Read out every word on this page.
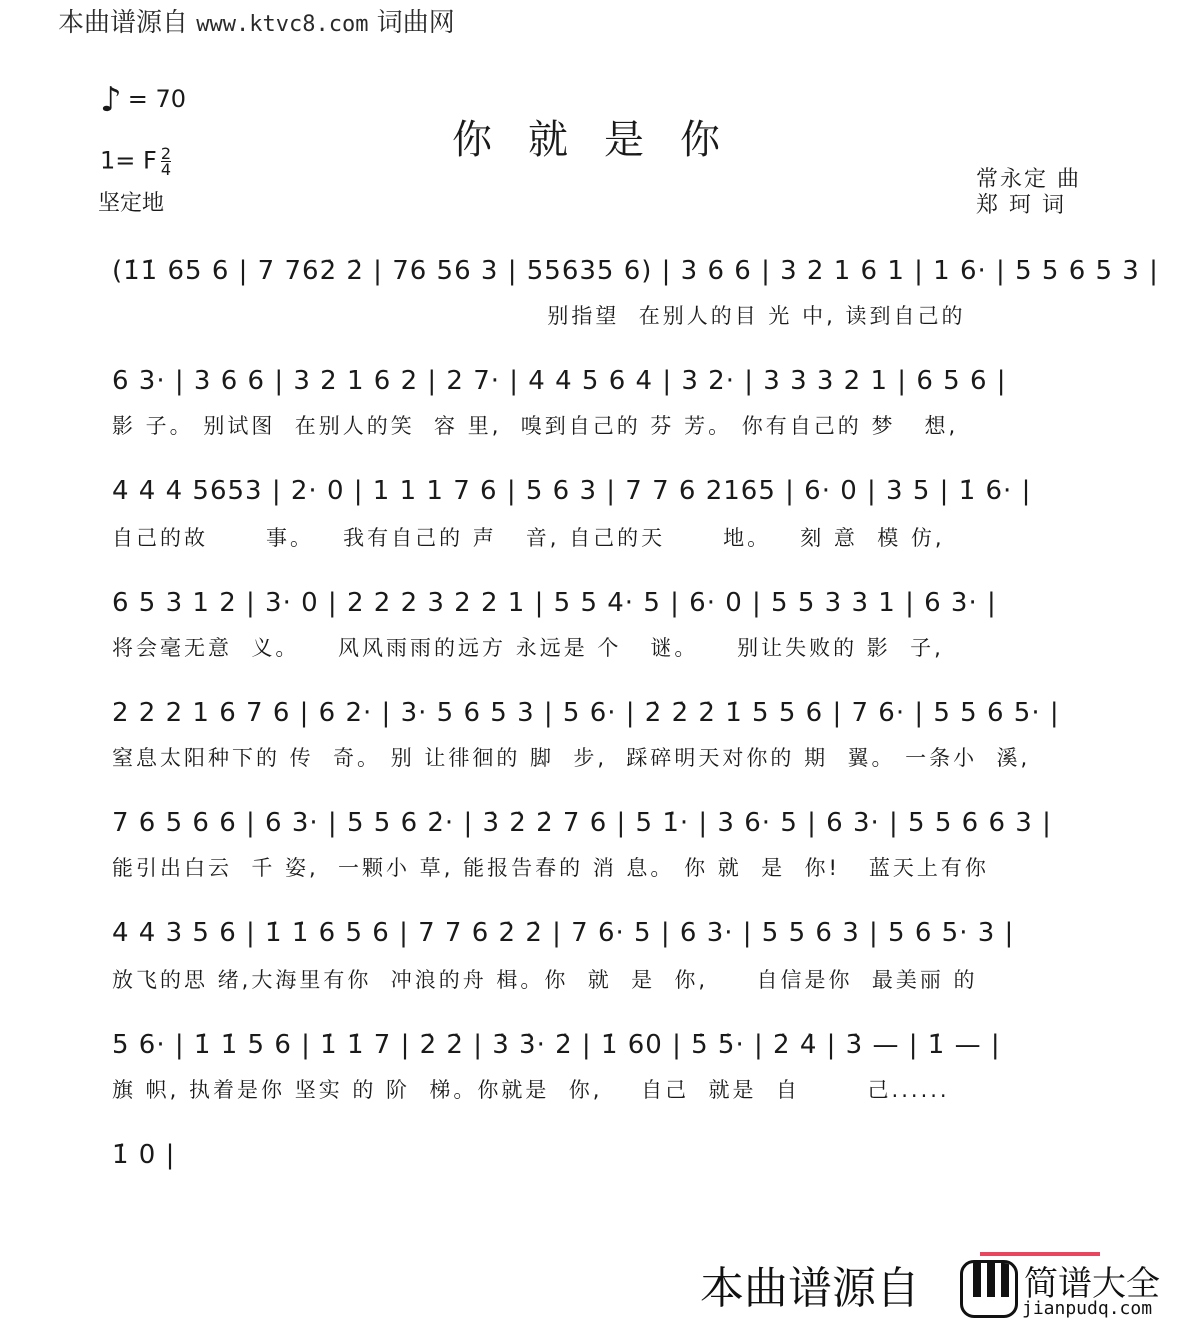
本曲谱源自 www.ktvc8.com 词曲网
♪ = 70
你就是你
1= F $\frac{2}{4}$
坚定地
常永定 曲
郑 珂 词
(1̇1̇ 65 6 | 7 762̇ 2̇ | 76 56 3 | 55635 6) | 3 6 6 | 3 2 1 6 1 | 1 6· | 5 5 6 5 3 |
别指望  在别人的目 光 中, 读到自己的
6 3· | 3 6 6 | 3 2 1 6 2 | 2 7· | 4 4 5 6 4 | 3 2· | 3 3 3 2 1 | 6 5 6 |
影 子。 别试图  在别人的笑  容 里,  嗅到自己的 芬 芳。 你有自己的 梦   想,
4 4 4 5653 | 2· 0 | 1 1 1 7 6 | 5 6 3 | 7 7 6 2165 | 6· 0 | 3 5 | 1̇ 6· |
自己的故      事。   我有自己的 声   音, 自己的天      地。   刻 意  模 仿,
6 5 3 1 2 | 3· 0 | 2 2 2 3 2 2 1 | 5 5 4· 5 | 6· 0 | 5 5 3 3 1 | 6 3· |
将会毫无意  义。    风风雨雨的远方 永远是 个   谜。    别让失败的 影  子,
2 2 2 1 6 7 6 | 6 2· | 3· 5 6 5 3 | 5 6· | 2̇ 2̇ 2̇ 1̇ 5 5 6 | 7 6· | 5 5 6 5· |
窒息太阳种下的 传  奇。 别 让徘徊的 脚  步,  踩碎明天对你的 期  翼。 一条小  溪,
7 6 5 6 6 | 6 3· | 5 5 6 2̇· | 3̇ 2̇ 2̇ 7 6 | 5 1̇· | 3 6· 5 | 6 3· | 5 5 6 6 3 |
能引出白云  千 姿,  一颗小 草, 能报告春的 消 息。 你 就  是  你!   蓝天上有你
4 4 3 5 6 | 1̇ 1̇ 6 5 6 | 7 7 6 2̇ 2̇ | 7 6· 5 | 6 3· | 5 5 6 3 | 5 6 5· 3 |
放飞的思 绪,大海里有你  冲浪的舟 楫。你  就  是  你,     自信是你  最美丽 的
5 6· | 1̇ 1̇ 5 6 | 1̇ 1̇ 7 | 2̇ 2̇ | 3̇ 3̇· 2̇ | 1̇ 60 | 5̇ 5̇· | 2̇ 4̇ | 3̇ — | 1̇ — |
旗 帜, 执着是你 坚实 的 阶  梯。你就是  你,    自己  就是  自       己......
1̇ 0 |
本曲谱源自	简谱大全
jianpudq.com
